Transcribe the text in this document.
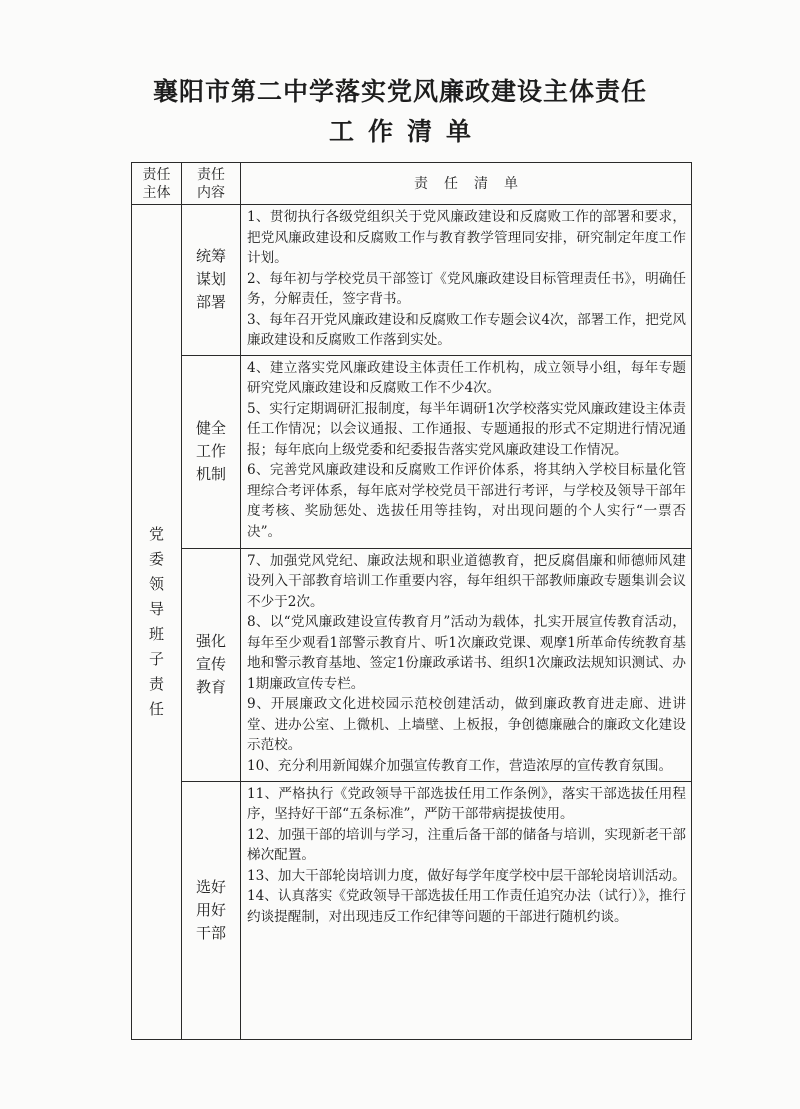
襄阳市第二中学落实党风廉政建设主体责任
工作清单
责任主体	责任内容	责任清单
党委领导班子责任	统筹谋划部署	1、贯彻执行各级党组织关于党风廉政建设和反腐败工作的部署和要求，把党风廉政建设和反腐败工作与教育教学管理同安排，研究制定年度工作计划。

2、每年初与学校党员干部签订《党风廉政建设目标管理责任书》，明确任务，分解责任，签字背书。

3、每年召开党风廉政建设和反腐败工作专题会议4次，部署工作，把党风廉政建设和反腐败工作落到实处。

	健全工作机制	4、建立落实党风廉政建设主体责任工作机构，成立领导小组，每年专题研究党风廉政建设和反腐败工作不少4次。

5、实行定期调研汇报制度，每半年调研1次学校落实党风廉政建设主体责任工作情况；以会议通报、工作通报、专题通报的形式不定期进行情况通报；每年底向上级党委和纪委报告落实党风廉政建设工作情况。

6、完善党风廉政建设和反腐败工作评价体系，将其纳入学校目标量化管理综合考评体系，每年底对学校党员干部进行考评，与学校及领导干部年度考核、奖励惩处、选拔任用等挂钩，对出现问题的个人实行“一票否决”。

	强化宣传教育	7、加强党风党纪、廉政法规和职业道德教育，把反腐倡廉和师德师风建设列入干部教育培训工作重要内容，每年组织干部教师廉政专题集训会议不少于2次。

8、以“党风廉政建设宣传教育月”活动为载体，扎实开展宣传教育活动，每年至少观看1部警示教育片、听1次廉政党课、观摩1所革命传统教育基地和警示教育基地、签定1份廉政承诺书、组织1次廉政法规知识测试、办1期廉政宣传专栏。

9、开展廉政文化进校园示范校创建活动，做到廉政教育进走廊、进讲堂、进办公室、上微机、上墙壁、上板报，争创德廉融合的廉政文化建设示范校。

10、充分利用新闻媒介加强宣传教育工作，营造浓厚的宣传教育氛围。

	选好用好干部	11、严格执行《党政领导干部选拔任用工作条例》，落实干部选拔任用程序，坚持好干部“五条标准”，严防干部带病提拔使用。

12、加强干部的培训与学习，注重后备干部的储备与培训，实现新老干部梯次配置。

13、加大干部轮岗培训力度，做好每学年度学校中层干部轮岗培训活动。

14、认真落实《党政领导干部选拔任用工作责任追究办法（试行）》，推行约谈提醒制，对出现违反工作纪律等问题的干部进行随机约谈。
